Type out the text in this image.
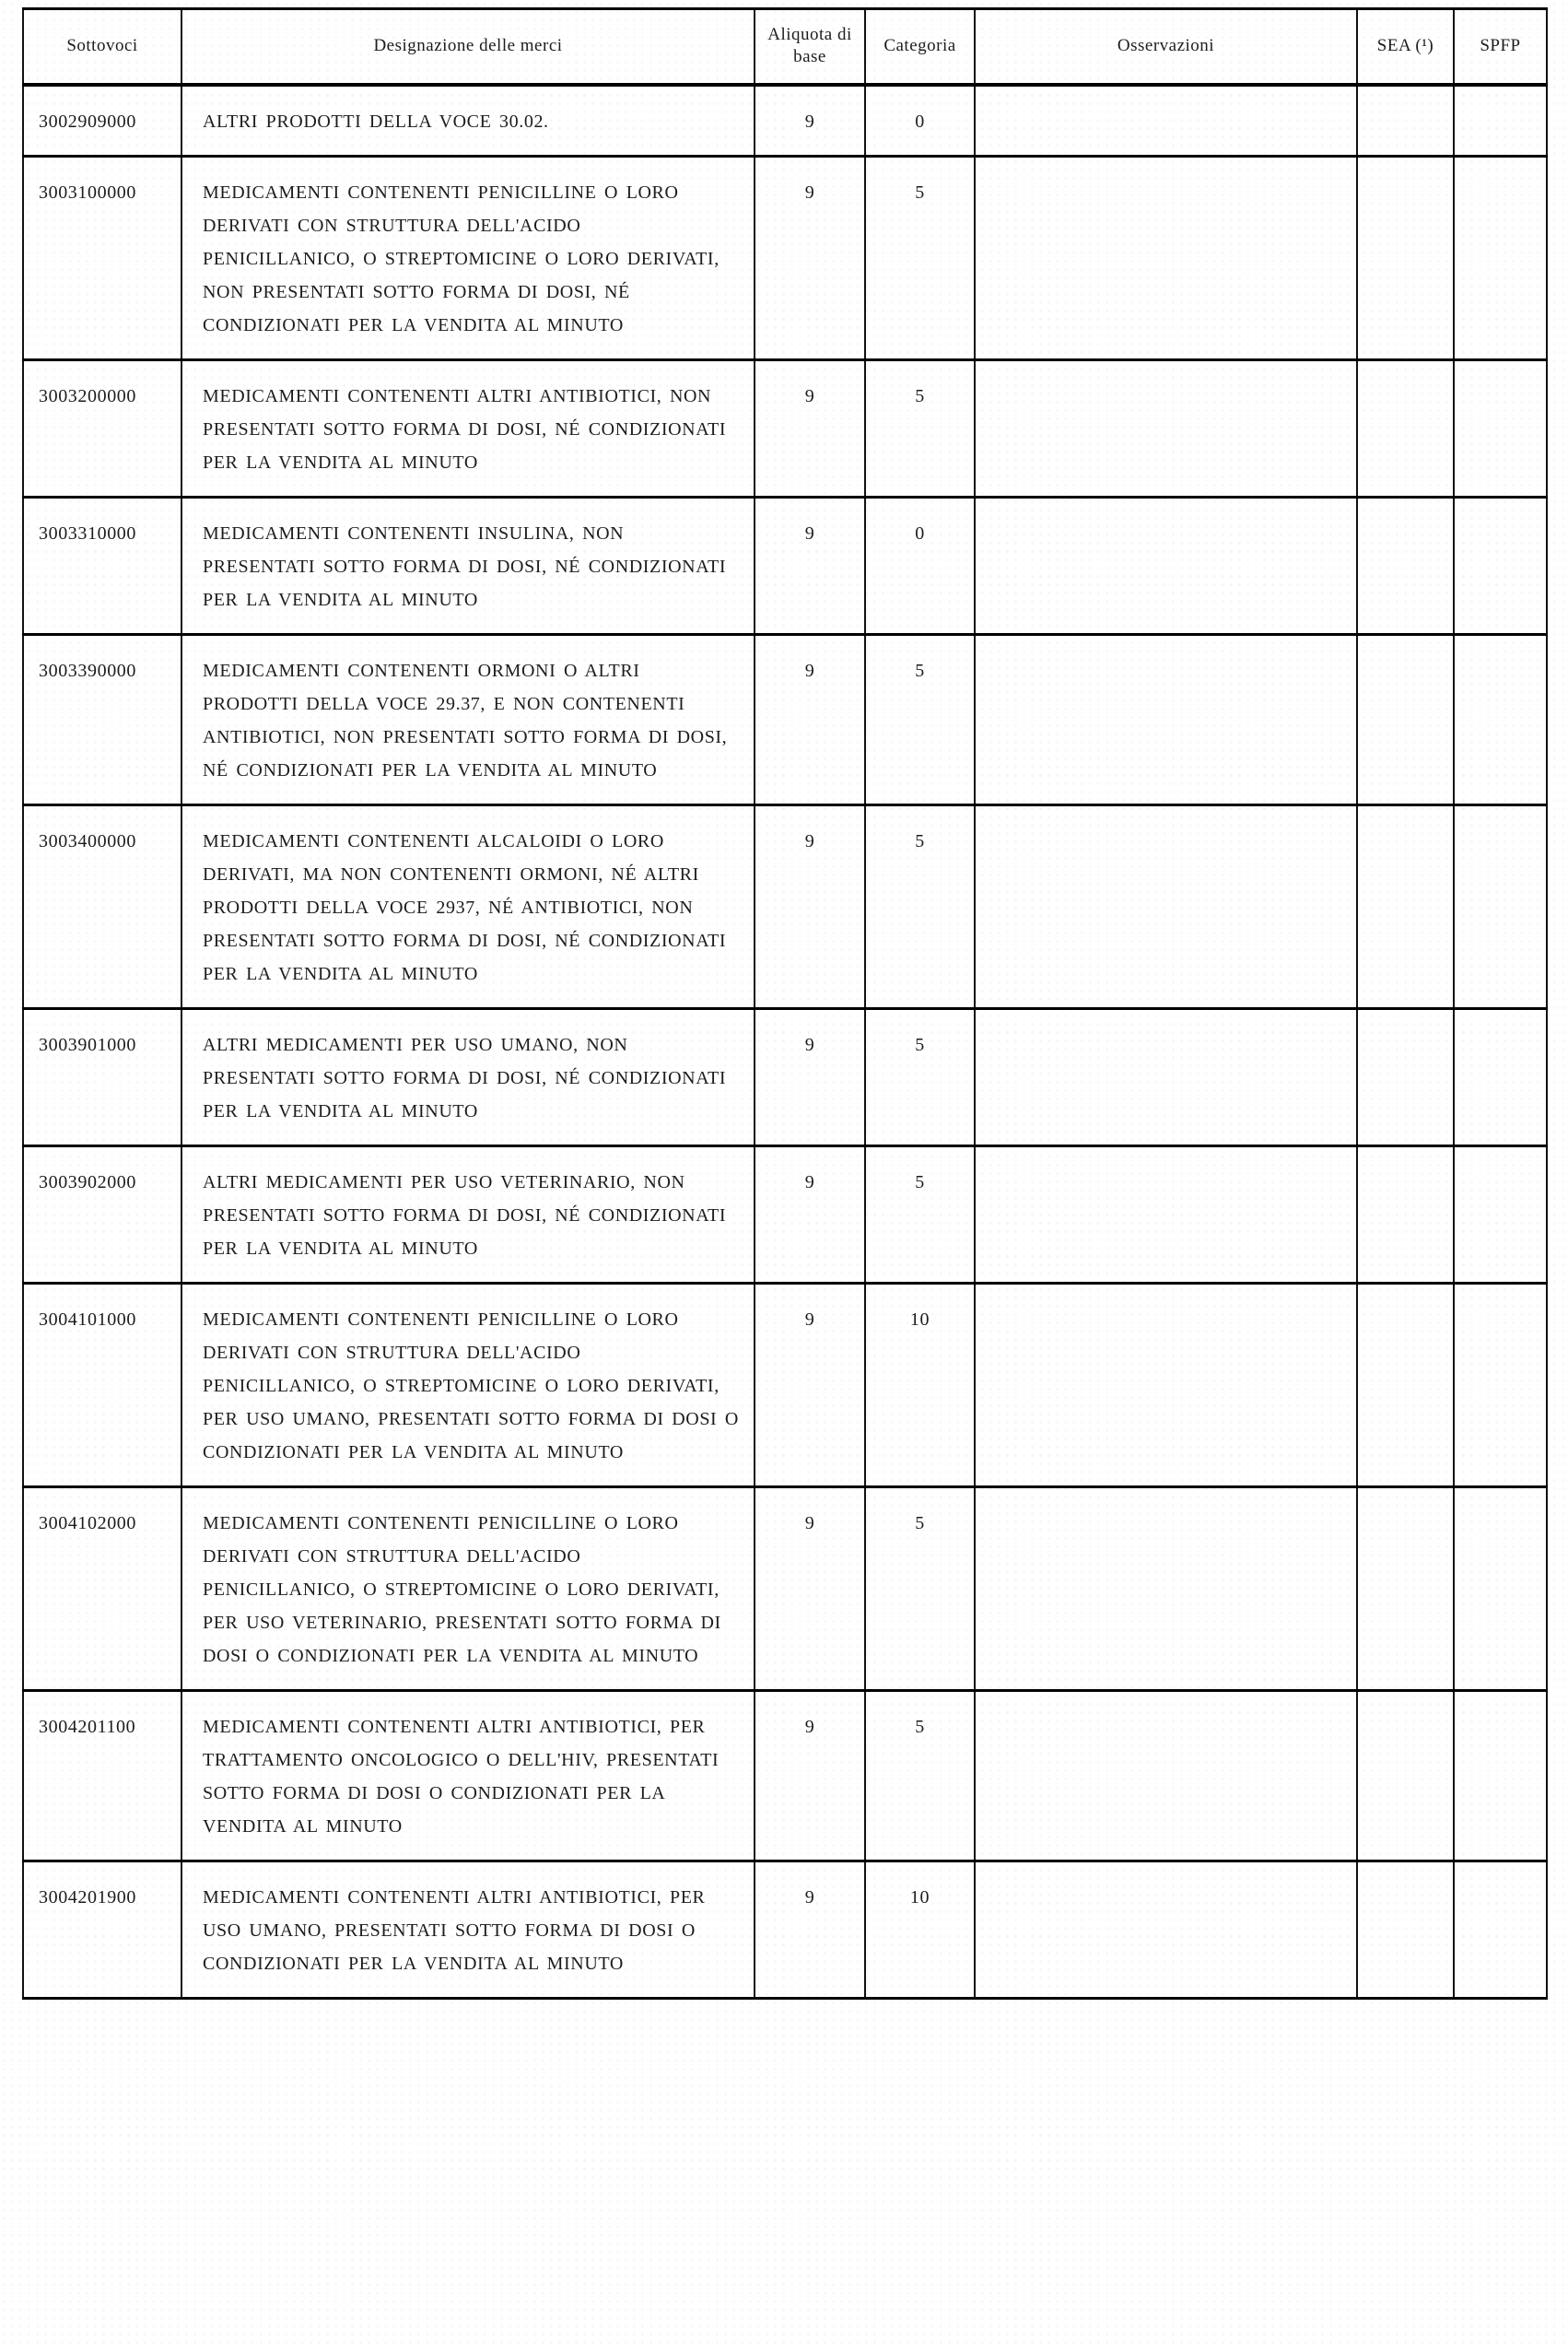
Sottovoci	Designazione delle merci	Aliquota di base	Categoria	Osservazioni	SEA (¹)	SPFP
3002909000	ALTRI PRODOTTI DELLA VOCE 30.02.	9	0			
3003100000	MEDICAMENTI CONTENENTI PENICILLINE O LORO DERIVATI CON STRUTTURA DELL'ACIDO PENICILLANICO, O STREPTOMICINE O LORO DERIVATI, NON PRESENTATI SOTTO FORMA DI DOSI, NÉ CONDIZIONATI PER LA VENDITA AL MINUTO	9	5			
3003200000	MEDICAMENTI CONTENENTI ALTRI ANTIBIOTICI, NON PRESENTATI SOTTO FORMA DI DOSI, NÉ CONDIZIONATI PER LA VENDITA AL MINUTO	9	5			
3003310000	MEDICAMENTI CONTENENTI INSULINA, NON PRESENTATI SOTTO FORMA DI DOSI, NÉ CONDIZIONATI PER LA VENDITA AL MINUTO	9	0			
3003390000	MEDICAMENTI CONTENENTI ORMONI O ALTRI PRODOTTI DELLA VOCE 29.37, E NON CONTENENTI ANTIBIOTICI, NON PRESENTATI SOTTO FORMA DI DOSI, NÉ CONDIZIONATI PER LA VENDITA AL MINUTO	9	5			
3003400000	MEDICAMENTI CONTENENTI ALCALOIDI O LORO DERIVATI, MA NON CONTENENTI ORMONI, NÉ ALTRI PRODOTTI DELLA VOCE 2937, NÉ ANTIBIOTICI, NON PRESENTATI SOTTO FORMA DI DOSI, NÉ CONDIZIONATI PER LA VENDITA AL MINUTO	9	5			
3003901000	ALTRI MEDICAMENTI PER USO UMANO, NON PRESENTATI SOTTO FORMA DI DOSI, NÉ CONDIZIONATI PER LA VENDITA AL MINUTO	9	5			
3003902000	ALTRI MEDICAMENTI PER USO VETERINARIO, NON PRESENTATI SOTTO FORMA DI DOSI, NÉ CONDIZIONATI PER LA VENDITA AL MINUTO	9	5			
3004101000	MEDICAMENTI CONTENENTI PENICILLINE O LORO DERIVATI CON STRUTTURA DELL'ACIDO PENICILLANICO, O STREPTOMICINE O LORO DERIVATI, PER USO UMANO, PRESENTATI SOTTO FORMA DI DOSI O CONDIZIONATI PER LA VENDITA AL MINUTO	9	10			
3004102000	MEDICAMENTI CONTENENTI PENICILLINE O LORO DERIVATI CON STRUTTURA DELL'ACIDO PENICILLANICO, O STREPTOMICINE O LORO DERIVATI, PER USO VETERINARIO, PRESENTATI SOTTO FORMA DI DOSI O CONDIZIONATI PER LA VENDITA AL MINUTO	9	5			
3004201100	MEDICAMENTI CONTENENTI ALTRI ANTIBIOTICI, PER TRATTAMENTO ONCOLOGICO O DELL'HIV, PRESENTATI SOTTO FORMA DI DOSI O CONDIZIONATI PER LA VENDITA AL MINUTO	9	5			
3004201900	MEDICAMENTI CONTENENTI ALTRI ANTIBIOTICI, PER USO UMANO, PRESENTATI SOTTO FORMA DI DOSI O CONDIZIONATI PER LA VENDITA AL MINUTO	9	10			
